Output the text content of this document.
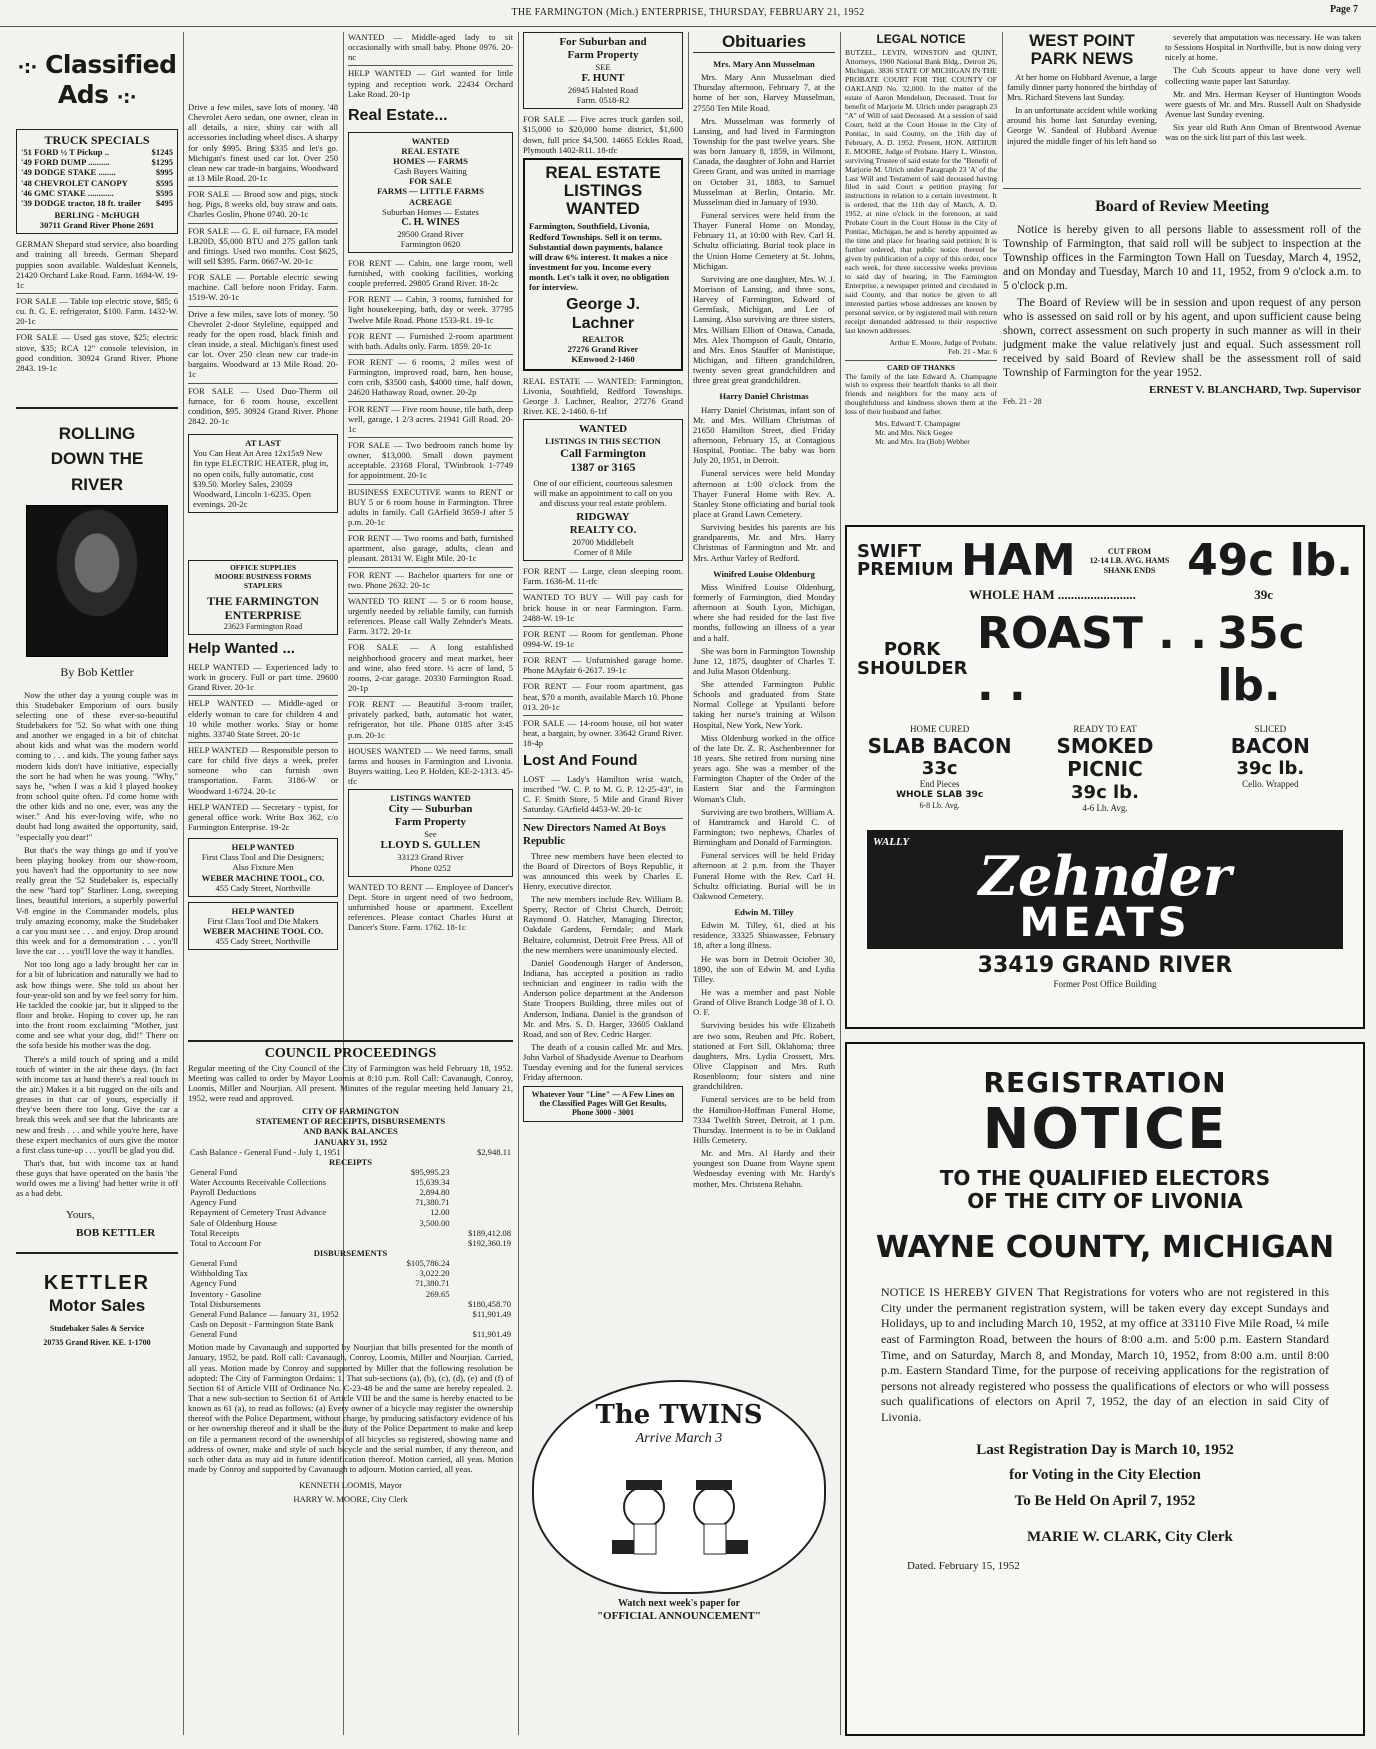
THE FARMINGTON (Mich.) ENTERPRISE, THURSDAY, FEBRUARY 21, 1952	Page 7
·:· Classified Ads ·:·
TRUCK SPECIALS
'51 FORD ½ T Pickup ..	$1245
'49 FORD DUMP ..........	$1295
'49 DODGE STAKE ........	$995
'48 CHEVROLET CANOPY	$595
'46 GMC STAKE ............	$595
'39 DODGE tractor, 18 ft. trailer $495
BERLING - McHUGH
30711 Grand River Phone 2691

GERMAN Shepard stud service, also boarding and training all breeds. German Shepard puppies soon available. Waldesluat Kennels, 21420 Orchard Lake Road. Farm. 1694-W. 19-1c

FOR SALE — Table top electric stove, $85; 6 cu. ft. G. E. refrigerator, $100. Farm. 1432-W. 20-1c

FOR SALE — Used gas stove, $25; electric stove, $35; RCA 12" console television, in good condition. 30924 Grand River. Phone 2843. 19-1c

ROLLING
DOWN THE
RIVER
By Bob Kettler

Now the other day a young couple was in this Studebaker Emporium of ours busily selecting one of these ever-so-beautiful Studebakers for '52. So what with one thing and another we engaged in a bit of chitchat about kids and what was the modern world coming to . . . and kids. The young father says modern kids don't have initiative, especially the sort he had when he was young. "Why," says he, "when I was a kid I played hookey from school quite often. I'd come home with the other kids and no one, ever, was any the wiser." And his ever-loving wife, who no doubt had long awaited the opportunity, said, "especially you dear!"

But that's the way things go and if you've been playing hookey from our show-room, you haven't had the opportunity to see now really great the '52 Studebaker is, especially the new "hard top" Starliner. Long, sweeping lines, beautiful interiors, a superbly powerful V-8 engine in the Commander models, plus truly amazing economy, make the Studebaker a car you must see . . . and enjoy. Drop around this week and for a demonstration . . . you'll love the car . . . you'll love the way it handles.

Not too long ago a lady brought her car in for a bit of lubrication and naturally we had to ask how things were. She told us about her four-year-old son and by we feel sorry for him. He tackled the cookie jar, but it slipped to the floor and broke. Hoping to cover up, he ran into the front room exclaiming "Mother, just come and see what your dog, did!" There on the sofa beside his mother was the dog.

There's a mild touch of spring and a mild touch of winter in the air these days. (In fact with income tax at hand there's a real touch in the air.) Makes it a bit rugged on the oils and greases in that car of yours, especially if they've been there too long. Give the car a break this week and see that the lubricants are new and fresh . . . and while you're here, have these expert mechanics of ours give the motor a first class tune-up . . . you'll be glad you did.

That's that, but with income tax at hand these guys that have operated on the basis 'the world owes me a living' had better write it off as a bad debt.

Yours,
BOB KETTLER
KETTLER
Motor Sales
Studebaker Sales & Service
20735 Grand River. KE. 1-1700

Drive a few miles, save lots of money. '48 Chevrolet Aero sedan, one owner, clean in all details, a nice, shiny car with all accessories including wheel discs. A sharpy for only $995. Bring $335 and let's go. Michigan's finest used car lot. Over 250 clean new car trade-in bargains. Woodward at 13 Mile Road. 20-1c

FOR SALE — Brood sow and pigs, stock hog. Pigs, 8 weeks old, buy straw and oats. Charles Goslin, Phone 0740. 20-1c

FOR SALE — G. E. oil furnace, FA model LB20D, $5,000 BTU and 275 gallon tank and fittings. Used two months. Cost $625, will sell $395. Farm. 0667-W. 20-1c

FOR SALE — Portable electric sewing machine. Call before noon Friday. Farm. 1519-W. 20-1c

Drive a few miles, save lots of money. '50 Chevrolet 2-door Styleline, equipped and ready for the open road, black finish and clean inside, a steal. Michigan's finest used car lot. Over 250 clean new car trade-in bargains. Woodward at 13 Mile Road. 20-1c

FOR SALE — Used Duo-Therm oil furnace, for 6 room house, excellent condition, $95. 30924 Grand River. Phone 2842. 20-1c

AT LAST
You Can Heat An Area 12x15x9 New fin type ELECTRIC HEATER, plug in, no open coils, fully automatic, cost $39.50. Morley Sales, 23059 Woodward, Lincoln 1-6235. Open evenings. 20-2c
OFFICE SUPPLIES
MOORE BUSINESS FORMS
STAPLERS
THE FARMINGTON ENTERPRISE
23623 Farmington Road
Help Wanted ...

HELP WANTED — Experienced lady to work in grocery. Full or part time. 29600 Grand River. 20-1c

HELP WANTED — Middle-aged or elderly woman to care for children 4 and 10 while mother works. Stay or home nights. 33740 State Street. 20-1c

HELP WANTED — Responsible person to care for child five days a week, prefer someone who can furnish own transportation. Farm. 3186-W or Woodward 1-6724. 20-1c

HELP WANTED — Secretary - typist, for general office work. Write Box 362, c/o Farmington Enterprise. 19-2c

HELP WANTED
First Class Tool and Die Designers; Also Fixture Men
WEBER MACHINE TOOL, CO.
455 Cady Street, Northville
HELP WANTED
First Class Tool and Die Makers
WEBER MACHINE TOOL CO.
455 Cady Street, Northville

WANTED — Middle-aged lady to sit occasionally with small baby. Phone 0976. 20-nc

HELP WANTED — Girl wanted for little typing and reception work. 22434 Orchard Lake Road. 20-1p

Real Estate...
WANTED
REAL ESTATE
HOMES — FARMS
Cash Buyers Waiting
FOR SALE
FARMS — LITTLE FARMS
ACREAGE
Suburban Homes — Estates
C. H. WINES
29500 Grand River
Farmington 0620

FOR RENT — Cabin, one large room, well furnished, with cooking facilities, working couple preferred. 29805 Grand River. 18-2c

FOR RENT — Cabin, 3 rooms, furnished for light housekeeping, bath, day or week. 37795 Twelve Mile Road. Phone 1533-R1. 19-1c

FOR RENT — Furnished 2-room apartment with bath. Adults only. Farm. 1859. 20-1c

FOR RENT — 6 rooms, 2 miles west of Farmington, improved road, barn, hen house, corn crib, $3500 cash, $4000 time, half down, 24620 Hathaway Road, owner. 20-2p

FOR RENT — Five room house, tile bath, deep well, garage, 1 2/3 acres. 21941 Gill Road. 20-1c

FOR SALE — Two bedroom ranch home by owner, $13,000. Small down payment acceptable. 23168 Floral, TWinbrook 1-7749 for appointment. 20-1c

BUSINESS EXECUTIVE wants to RENT or BUY 5 or 6 room house in Farmington. Three adults in family. Call GArfield 3659-J after 5 p.m. 20-1c

FOR RENT — Two rooms and bath, furnished apartment, also garage, adults, clean and pleasant. 28131 W. Eight Mile. 20-1c

FOR RENT — Bachelor quarters for one or two. Phone 2632. 20-1c

WANTED TO RENT — 5 or 6 room house, urgently needed by reliable family, can furnish references. Please call Wally Zehnder's Meats. Farm. 3172. 20-1c

FOR SALE — A long established neighborhood grocery and meat market, beer and wine, also feed store. ½ acre of land, 5 rooms, 2-car garage. 20330 Farmington Road. 20-1p

FOR RENT — Beautiful 3-room trailer, privately parked, bath, automatic hot water, refrigerator, hot tile. Phone 0185 after 3:45 p.m. 20-1c

HOUSES WANTED — We need farms, small farms and houses in Farmington and Livonia. Buyers waiting. Leo P. Holden, KE-2-1313. 45-tfc

LISTINGS WANTED
City — Suburban
Farm Property
See
LLOYD S. GULLEN
33123 Grand River
Phone 0252

WANTED TO RENT — Employee of Dancer's Dept. Store in urgent need of two bedroom, unfurnished house or apartment. Excellent references. Please contact Charles Hurst at Dancer's Store. Farm. 1762. 18-1c

For Suburban and
Farm Property
SEE
F. HUNT
26945 Halsted Road
Farm. 0518-R2

FOR SALE — Five acres truck garden soil, $15,000 to $20,000 home district, $1,600 down, full price $4,500. 14665 Eckles Road, Plymouth 1402-R11. 18-tfc

REAL ESTATE
LISTINGS
WANTED
Farmington, Southfield, Livonia, Redford Townships. Sell it on terms. Substantial down payments, balance will draw 6% interest. It makes a nice investment for you. Income every month. Let's talk it over, no obligation for interview.
George J.
Lachner
REALTOR
27276 Grand River
KEnwood 2-1460

REAL ESTATE — WANTED: Farmington, Livonia, Southfield, Redford Townships. George J. Lachner, Realtor, 27276 Grand River. KE. 2-1460. 6-1tf

WANTED
LISTINGS IN THIS SECTION
Call Farmington
1387 or 3165
One of our efficient, courteous salesmen will make an appointment to call on you and discuss your real estate problem.
RIDGWAY
REALTY CO.
20700 Middlebelt
Corner of 8 Mile

FOR RENT — Large, clean sleeping room. Farm. 1636-M. 11-tfc

WANTED TO BUY — Will pay cash for brick house in or near Farmington. Farm. 2488-W. 19-1c

FOR RENT — Room for gentleman. Phone 0994-W. 19-1c

FOR RENT — Unfurnished garage home. Phone MAyfair 6-2617. 19-1c

FOR RENT — Four room apartment, gas heat, $70 a month, available March 10. Phone 013. 20-1c

FOR SALE — 14-room house, oil hot water heat, a bargain, by owner. 33642 Grand River. 18-4p

Lost And Found

LOST — Lady's Hamilton wrist watch, inscribed "W. C. P. to M. G. P. 12-25-43", in C. F. Smith Store, 5 Mile and Grand River Saturday. GArfield 4453-W. 20-1c

New Directors Named At Boys Republic

Three new members have been elected to the Board of Directors of Boys Republic, it was announced this week by Charles E. Henry, executive director.

The new members include Rev. William B. Sperry, Rector of Christ Church, Detroit; Raymond O. Hatcher, Managing Director, Oakdale Gardens, Ferndale; and Mark Beltaire, columnist, Detroit Free Press. All of the new members were unanimously elected.

Daniel Goodenough Harger of Anderson, Indiana, has accepted a position as radio technician and engineer in radio with the Anderson police department at the Anderson State Troopers Building, three miles out of Anderson, Indiana. Daniel is the grandson of Mr. and Mrs. S. D. Harger, 33605 Oakland Road, and son of Rev. Cedric Harger.

The death of a cousin called Mr. and Mrs. John Varbol of Shadyside Avenue to Dearborn Tuesday evening and for the funeral services Friday afternoon.

Whatever Your "Line" — A Few Lines on the Classified Pages Will Get Results, Phone 3000 - 3001
COUNCIL PROCEEDINGS

Regular meeting of the City Council of the City of Farmington was held February 18, 1952. Meeting was called to order by Mayor Loomis at 8:10 p.m. Roll Call: Cavanaugh, Conroy, Loomis, Miller and Nourjian. All present. Minutes of the regular meeting held January 21, 1952, were read and approved.

CITY OF FARMINGTON
STATEMENT OF RECEIPTS, DISBURSEMENTS
AND BANK BALANCES
JANUARY 31, 1952
Cash Balance - General Fund - July 1, 1951		$2,948.11
RECEIPTS		
General Fund	$95,995.23	
Water Accounts Receivable Collections	15,639.34	
Payroll Deductions	2,894.80	
Agency Fund	71,380.71	
Repayment of Cemetery Trust Advance	12.00	
Sale of Oldenburg House	3,500.00	
Total Receipts		$189,412.08
Total to Account For		$192,360.19
DISBURSEMENTS		
General Fund	$105,786.24	
Withholding Tax	3,022.20	
Agency Fund	71,380.71	
Inventory - Gasoline	269.65	
Total Disbursements		$180,458.70
General Fund Balance — January 31, 1952		$11,901.49
Cash on Deposit - Farmington State Bank		
General Fund		$11,901.49

Motion made by Cavanaugh and supported by Nourjian that bills presented for the month of January, 1952, be paid. Roll call: Cavanaugh, Conroy, Loomis, Miller and Nourjian. Carried, all yeas. Motion made by Conroy and supported by Miller that the following resolution be adopted: The City of Farmington Ordains: 1. That sub-sections (a), (b), (c), (d), (e) and (f) of Section 61 of Article VIII of Ordinance No. C-23-48 be and the same are hereby repealed. 2. That a new sub-section to Section 61 of Article VIII be and the same is hereby enacted to be known as 61 (a), to read as follows: (a) Every owner of a bicycle may register the ownership thereof with the Police Department, without charge, by producing satisfactory evidence of his or her ownership thereof and it shall be the duty of the Police Department to make and keep on file a permanent record of the ownership of all bicycles so registered, showing name and address of owner, make and style of such bicycle and the serial number, if any thereon, and such other data as may aid in future identification thereof. Motion carried, all yeas. Motion made by Conroy and supported by Cavanaugh to adjourn. Motion carried, all yeas.

KENNETH LOOMIS, Mayor
HARRY W. MOORE, City Clerk
Obituaries

Mrs. Mary Ann Musselman

Mrs. Mary Ann Musselman died Thursday afternoon, February 7, at the home of her son, Harvey Musselman, 27550 Ten Mile Road.

Mrs. Musselman was formerly of Lansing, and had lived in Farmington Township for the past twelve years. She was born January 8, 1859, in Wilmont, Canada, the daughter of John and Harriet Green Grant, and was united in marriage on October 31, 1883, to Samuel Musselman at Berlin, Ontario. Mr. Musselman died in January of 1930.

Funeral services were held from the Thayer Funeral Home on Monday, February 11, at 10:00 with Rev. Carl H. Schultz officiating. Burial took place in the Union Home Cemetery at St. Johns, Michigan.

Surviving are one daughter, Mrs. W. J. Morrison of Lansing, and three sons, Harvey of Farmington, Edward of Germfask, Michigan, and Lee of Lansing. Also surviving are three sisters, Mrs. William Elliott of Ottawa, Canada, Mrs. Alex Thompson of Gault, Ontario, and Mrs. Enos Stauffer of Manistique, Michigan, and fifteen grandchildren, twenty seven great grandchildren and three great great grandchildren.

Harry Daniel Christmas

Harry Daniel Christmas, infant son of Mr. and Mrs. William Christmas of 21650 Hamilton Street, died Friday afternoon, February 15, at Contagious Hospital, Pontiac. The baby was born July 20, 1951, in Detroit.

Funeral services were held Monday afternoon at 1:00 o'clock from the Thayer Funeral Home with Rev. A. Stanley Stone officiating and burial took place at Grand Lawn Cemetery.

Surviving besides his parents are his grandparents, Mr. and Mrs. Harry Christmas of Farmington and Mr. and Mrs. Arthur Varley of Redford.

Winifred Louise Oldenburg

Miss Winifred Louise Oldenburg, formerly of Farmington, died Monday afternoon at South Lyon, Michigan, where she had resided for the last five months, following an illness of a year and a half.

She was born in Farmington Township June 12, 1875, daughter of Charles T. and Julia Mason Oldenburg.

She attended Farmington Public Schools and graduated from State Normal College at Ypsilanti before taking her nurse's training at Wilson Hospital, New York, New York.

Miss Oldenburg worked in the office of the late Dr. Z. R. Aschenbrenner for 18 years. She retired from nursing nine years ago. She was a member of the Farmington Chapter of the Order of the Eastern Star and the Farmington Woman's Club.

Surviving are two brothers, William A. of Hamtramck and Harold C. of Farmington; two nephews, Charles of Birmingham and Donald of Farmington.

Funeral services will be held Friday afternoon at 2 p.m. from the Thayer Funeral Home with the Rev. Carl H. Schultz officiating. Burial will be in Oakwood Cemetery.

Edwin M. Tilley

Edwin M. Tilley, 61, died at his residence, 33325 Shiawassee, February 18, after a long illness.

He was born in Detroit October 30, 1890, the son of Edwin M. and Lydia Tilley.

He was a member and past Noble Grand of Olive Branch Lodge 38 of I. O. O. F.

Surviving besides his wife Elizabeth are two sons, Reuben and Pfc. Robert, stationed at Fort Sill, Oklahoma; three daughters, Mrs. Lydia Crossett, Mrs. Olive Clappison and Mrs. Ruth Rosenbloom; four sisters and nine grandchildren.

Funeral services are to be held from the Hamilton-Hoffman Funeral Home, 7334 Twelfth Street, Detroit, at 1 p.m. Thursday. Interment is to be in Oakland Hills Cemetery.

Mr. and Mrs. Al Hardy and their youngest son Duane from Wayne spent Wednesday evening with Mr. Hardy's mother, Mrs. Christena Rehahn.

The TWINS
Arrive March 3
Watch next week's paper for
"OFFICIAL ANNOUNCEMENT"
LEGAL NOTICE

BUTZEL, LEVIN, WINSTON and QUINT, Attorneys, 1900 National Bank Bldg., Detroit 26, Michigan. 3836 STATE OF MICHIGAN IN THE PROBATE COURT FOR THE COUNTY OF OAKLAND No. 32,000. In the matter of the estate of Aaron Mendelson, Deceased. Trust for benefit of Marjorie M. Ulrich under paragraph 23 "A" of Will of said Deceased. At a session of said Court, held at the Court House in the City of Pontiac, in said County, on the 16th day of February, A. D. 1952. Present, HON. ARTHUR E. MOORE, Judge of Probate. Harry L. Winston, surviving Trustee of said estate for the "Benefit of Marjorie M. Ulrich under Paragraph 23 'A' of the Last Will and Testament of said deceased having filed in said Court a petition praying for instructions in relation to a certain investment. It is ordered, that the 11th day of March, A. D. 1952, at nine o'clock in the forenoon, at said Probate Court in the Court House in the City of Pontiac, Michigan, be and is hereby appointed as the time and place for hearing said petition; It is further ordered, that public notice thereof be given by publication of a copy of this order, once each week, for three successive weeks previous to said day of hearing, in The Farmington Enterprise, a newspaper printed and circulated in said County, and that notice be given to all interested parties whose addresses are known by personal service, or by registered mail with return receipt demanded addressed to their respective last known addresses.

Arthur E. Moore, Judge of Probate.
Feb. 21 - Mar. 6
CARD OF THANKS

The family of the late Edward A. Champagne wish to express their heartfelt thanks to all their friends and neighbors for the many acts of thoughtfulness and kindness shown them at the loss of their husband and father.

Mrs. Edward T. Champagne
Mr. and Mrs. Nick Gegee
Mr. and Mrs. Ira (Bob) Webber
WEST POINT PARK NEWS

At her home on Hubbard Avenue, a large family dinner party honored the birthday of Mrs. Richard Stevens last Sunday.

In an unfortunate accident while working around his home last Saturday evening, George W. Sandeal of Hubbard Avenue injured the middle finger of his left hand so

severely that amputation was necessary. He was taken to Sessions Hospital in Northville, but is now doing very nicely at home.

The Cub Scouts appear to have done very well collecting waste paper last Saturday.

Mr. and Mrs. Herman Keyser of Huntington Woods were guests of Mr. and Mrs. Russell Ault on Shadyside Avenue last Sunday evening.

Six year old Ruth Ann Oman of Brentwood Avenue was on the sick list part of this last week.

Board of Review Meeting

Notice is hereby given to all persons liable to assessment roll of the Township of Farmington, that said roll will be subject to inspection at the Township offices in the Farmington Town Hall on Tuesday, March 4, 1952, and on Monday and Tuesday, March 10 and 11, 1952, from 9 o'clock a.m. to 5 o'clock p.m.

The Board of Review will be in session and upon request of any person who is assessed on said roll or by his agent, and upon sufficient cause being shown, correct assessment on such property in such manner as will in their judgment make the value relatively just and equal. Such assessment roll received by said Board of Review shall be the assessment roll of said Township of Farmington for the year 1952.

ERNEST V. BLANCHARD, Twp. Supervisor
Feb. 21 - 28
SWIFT PREMIUM HAM	CUT FROM
12-14 LB. AVG. HAMS
SHANK ENDS 49c lb.
WHOLE HAM ........................	39c
PORK SHOULDER
ROAST . . . .
35c lb.
HOME CURED
SLAB BACON
33c
End Pieces
WHOLE SLAB 39c
6-8 Lb. Avg.
READY TO EAT
SMOKED PICNIC
39c lb.
4-6 Lb. Avg.
SLICED
BACON
39c lb.
Cello. Wrapped
WALLY
Zehnder
MEATS
33419 GRAND RIVER
Former Post Office Building
REGISTRATION
NOTICE
TO THE QUALIFIED ELECTORS
OF THE CITY OF LIVONIA
WAYNE COUNTY, MICHIGAN

NOTICE IS HEREBY GIVEN That Registrations for voters who are not registered in this City under the permanent registration system, will be taken every day except Sundays and Holidays, up to and including March 10, 1952, at my office at 33110 Five Mile Road, ¼ mile east of Farmington Road, between the hours of 8:00 a.m. and 5:00 p.m. Eastern Standard Time, and on Saturday, March 8, and Monday, March 10, 1952, from 8:00 a.m. until 8:00 p.m. Eastern Standard Time, for the purpose of receiving applications for the registration of persons not already registered who possess the qualifications of electors or who will possess such qualifications of electors on April 7, 1952, the day of an election in said City of Livonia.

Last Registration Day is March 10, 1952
for Voting in the City Election
To Be Held On April 7, 1952
MARIE W. CLARK, City Clerk
Dated. February 15, 1952
